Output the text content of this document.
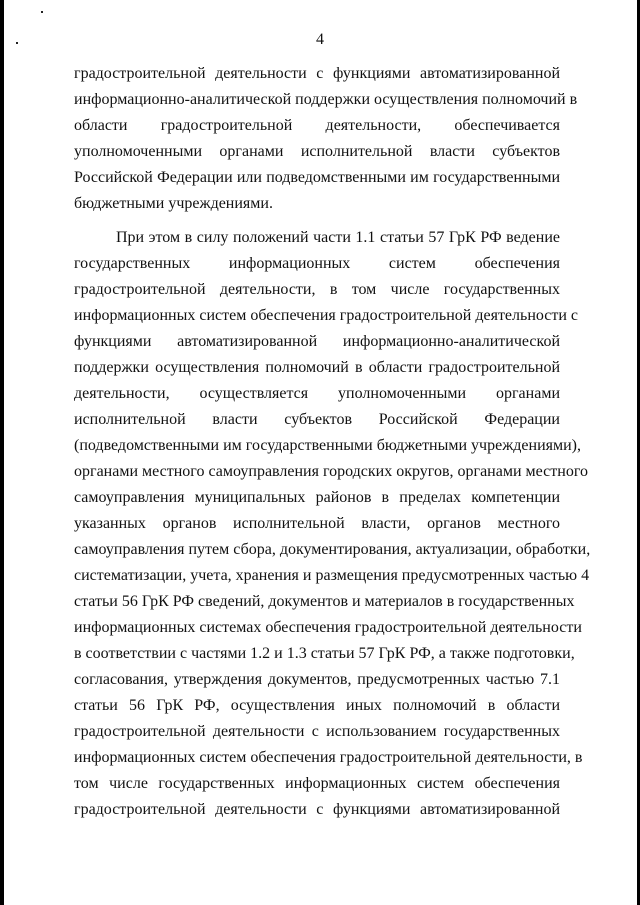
4
градостроительной деятельности с функциями автоматизированной
информационно-аналитической поддержки осуществления полномочий в
области градостроительной деятельности, обеспечивается
уполномоченными органами исполнительной власти субъектов
Российской Федерации или подведомственными им государственными
бюджетными учреждениями.
При этом в силу положений части 1.1 статьи 57 ГрК РФ ведение
государственных информационных систем обеспечения
градостроительной деятельности, в том числе государственных
информационных систем обеспечения градостроительной деятельности с
функциями автоматизированной информационно-аналитической
поддержки осуществления полномочий в области градостроительной
деятельности, осуществляется уполномоченными органами
исполнительной власти субъектов Российской Федерации
(подведомственными им государственными бюджетными учреждениями),
органами местного самоуправления городских округов, органами местного
самоуправления муниципальных районов в пределах компетенции
указанных органов исполнительной власти, органов местного
самоуправления путем сбора, документирования, актуализации, обработки,
систематизации, учета, хранения и размещения предусмотренных частью 4
статьи 56 ГрК РФ сведений, документов и материалов в государственных
информационных системах обеспечения градостроительной деятельности
в соответствии с частями 1.2 и 1.3 статьи 57 ГрК РФ, а также подготовки,
согласования, утверждения документов, предусмотренных частью 7.1
статьи 56 ГрК РФ, осуществления иных полномочий в области
градостроительной деятельности с использованием государственных
информационных систем обеспечения градостроительной деятельности, в
том числе государственных информационных систем обеспечения
градостроительной деятельности с функциями автоматизированной
